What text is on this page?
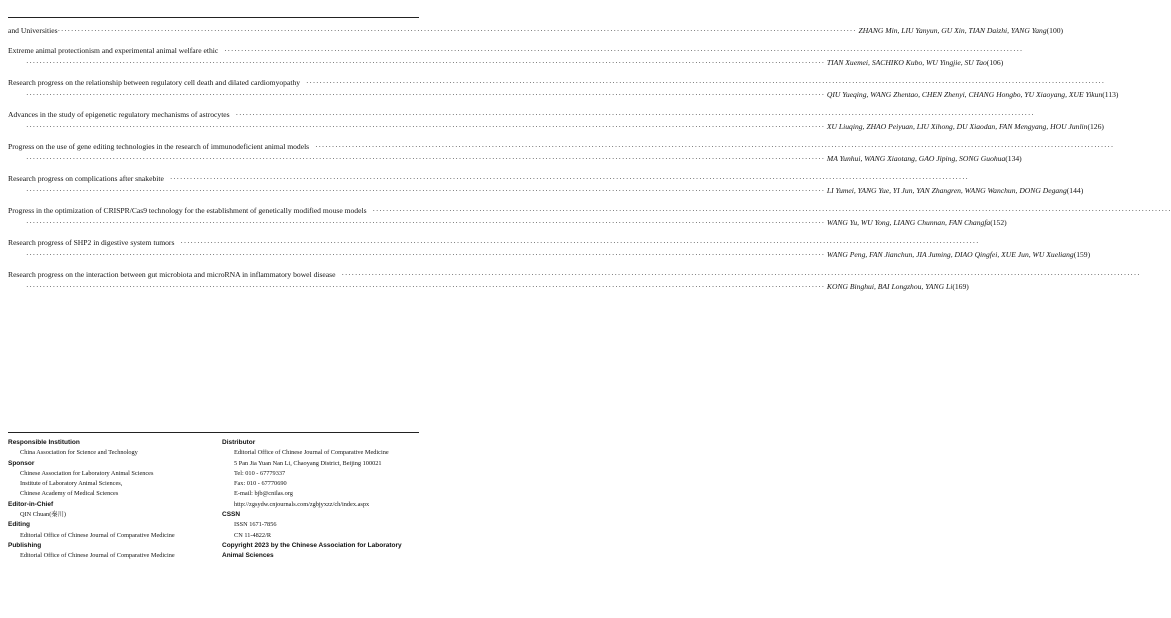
and Universities ················································································································································································································································ ZHANG Min, LIU Yanyun, GU Xin, TIAN Daizhi, YANG Yang (100)
Extreme animal protectionism and experimental animal welfare ethic ················································································································································································································································
················································································································································································································································ TIAN Xuemei, SACHIKO Kubo, WU Yingjie, SU Tao (106)
Research progress on the relationship between regulatory cell death and dilated cardiomyopathy ················································································································································································································································
················································································································································································································································ QIU Yueqing, WANG Zhentao, CHEN Zhenyi, CHANG Hongbo, YU Xiaoyang, XUE Yikun (113)
Advances in the study of epigenetic regulatory mechanisms of astrocytes ················································································································································································································································
················································································································································································································································ XU Liuqing, ZHAO Peiyuan, LIU Xihong, DU Xiaodan, FAN Mengyang, HOU Junlin (126)
Progress on the use of gene editing technologies in the research of immunodeficient animal models ················································································································································································································································
················································································································································································································································ MA Yunhui, WANG Xiaotang, GAO Jiping, SONG Guohua (134)
Research progress on complications after snakebite ················································································································································································································································
················································································································································································································································ LI Yumei, YANG Yue, YI Jun, YAN Zhangren, WANG Wanchun, DONG Degang (144)
Progress in the optimization of CRISPR/Cas9 technology for the establishment of genetically modified mouse models ················································································································································································································································
················································································································································································································································ WANG Yu, WU Yong, LIANG Chunnan, FAN Changfa (152)
Research progress of SHP2 in digestive system tumors ················································································································································································································································
················································································································································································································································ WANG Peng, FAN Jianchun, JIA Juming, DIAO Qingfei, XUE Jun, WU Xueliang (159)
Research progress on the interaction between gut microbiota and microRNA in inflammatory bowel disease ················································································································································································································································
················································································································································································································································ KONG Binghui, BAI Longzhou, YANG Li (169)
Responsible Institution
China Association for Science and Technology
Sponsor
Chinese Association for Laboratory Animal Sciences
Institute of Laboratory Animal Sciences,
Chinese Academy of Medical Sciences
Editor-in-Chief
QIN Chuan(秦川)
Editing
Editorial Office of Chinese Journal of Comparative Medicine
Publishing
Editorial Office of Chinese Journal of Comparative Medicine
Distributor
Editorial Office of Chinese Journal of Comparative Medicine
5 Pan Jia Yuan Nan Li, Chaoyang District, Beijing 100021
Tel: 010 - 67779337
Fax: 010 - 67770690
E-mail: bjb@cnilas.org
http://zgsydw.cnjournals.com/zgbjyxzz/ch/index.aspx
CSSN
ISSN 1671-7856
CN 11-4822/R
Copyright 2023 by the Chinese Association for Laboratory
Animal Sciences
